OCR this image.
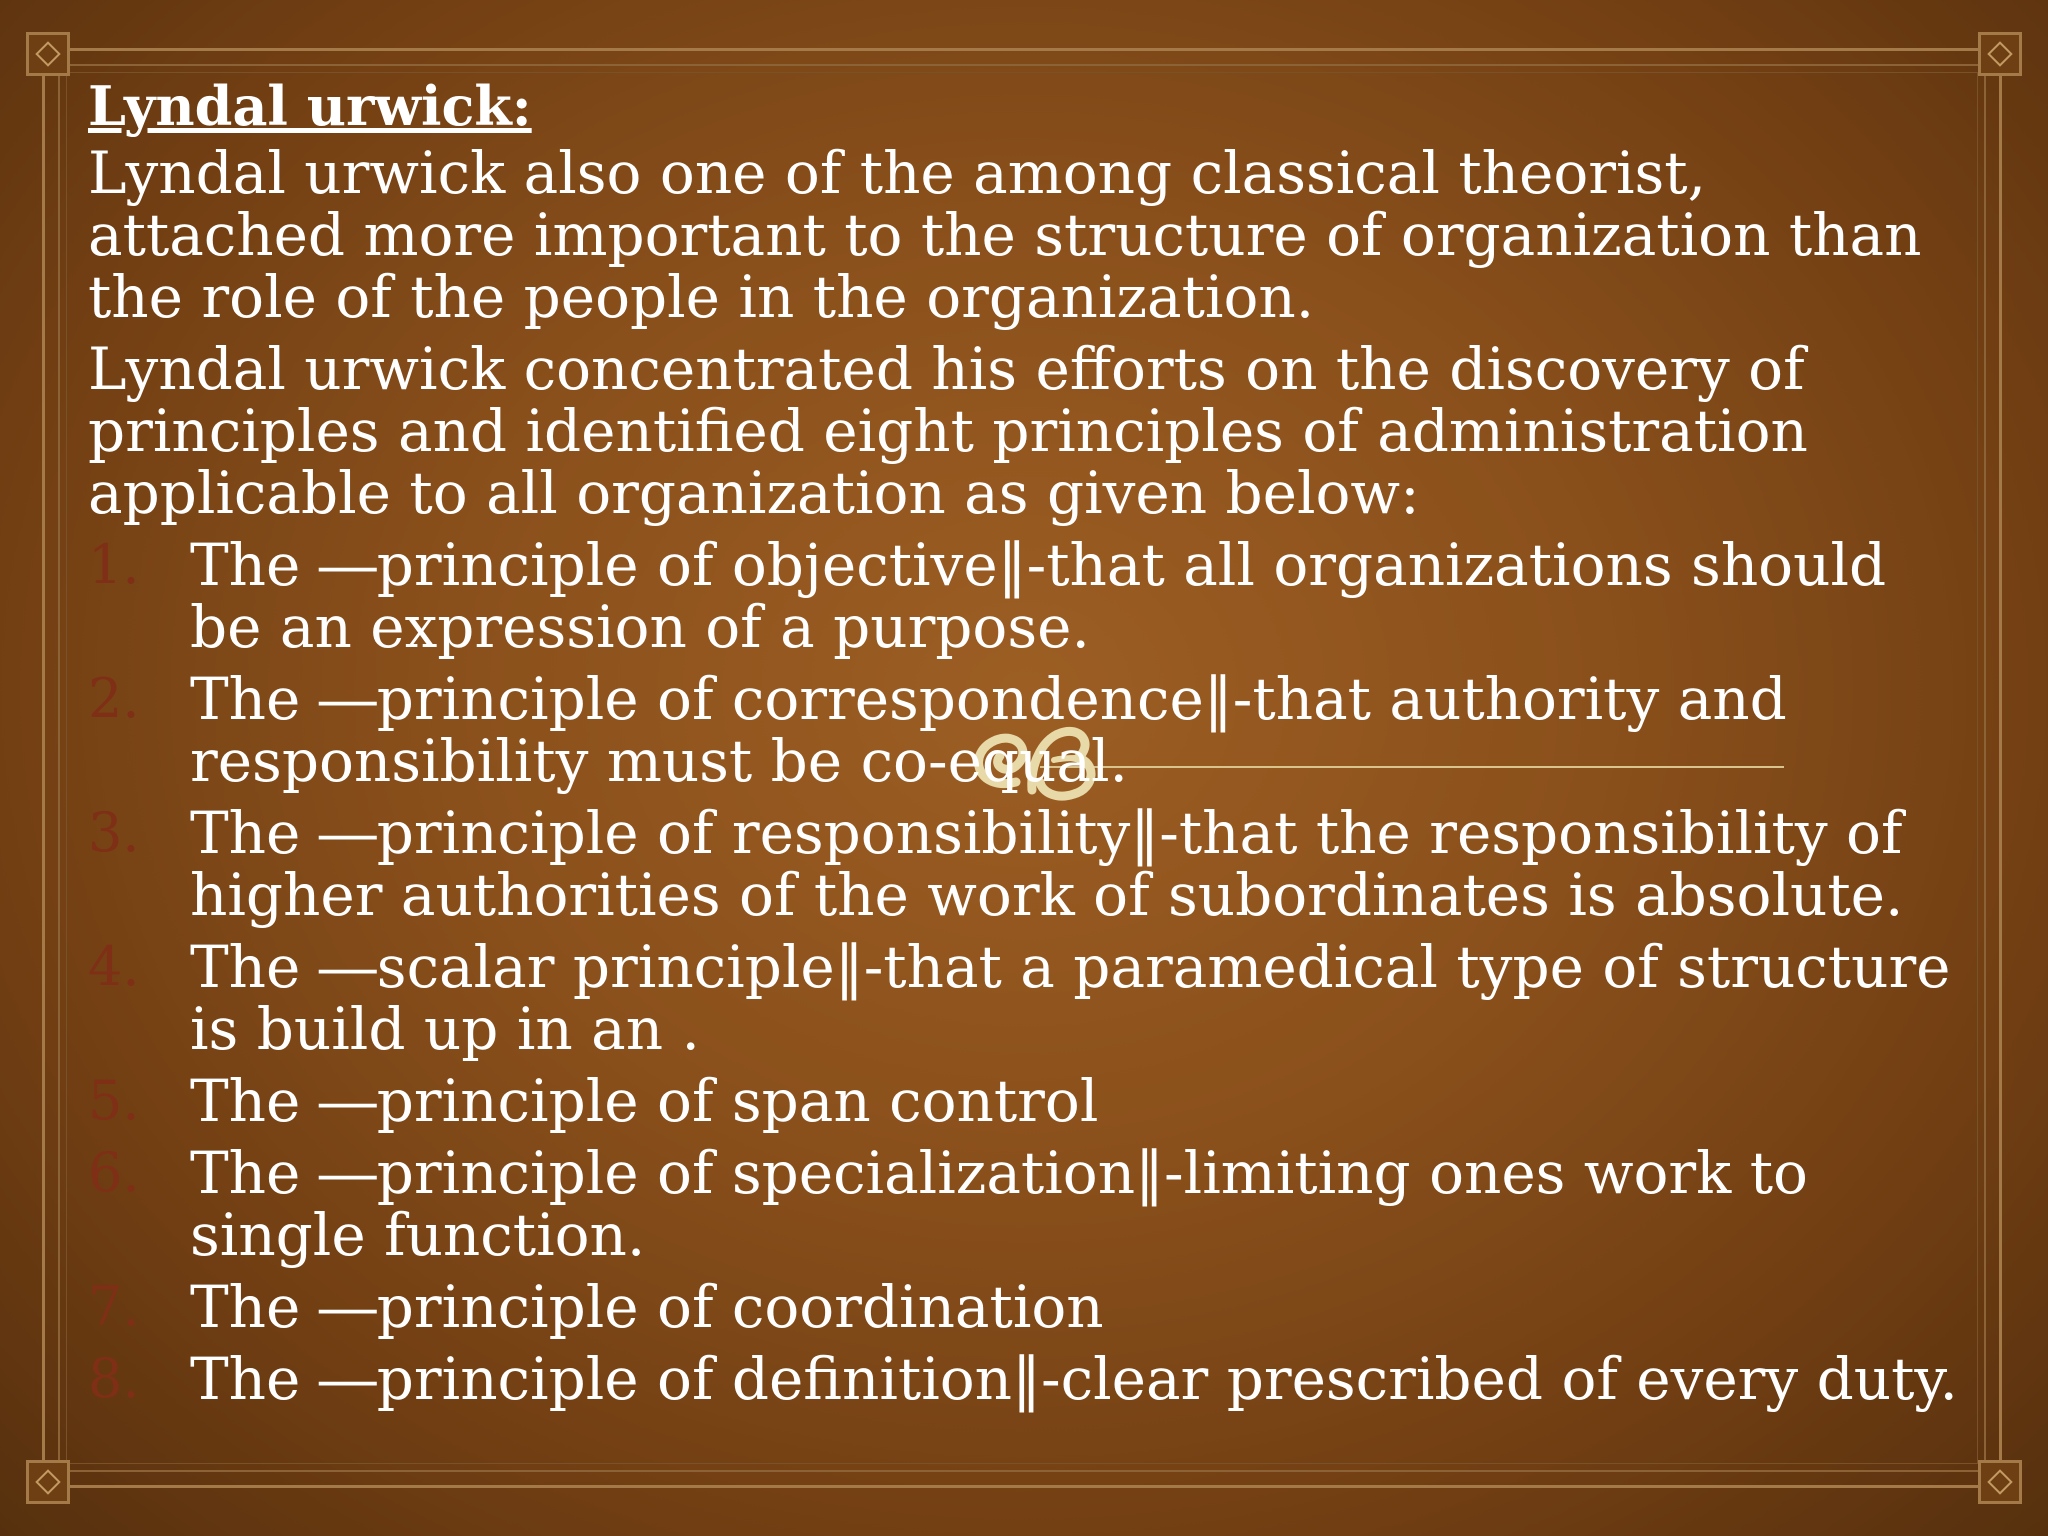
Lyndal urwick:
Lyndal urwick also one of the among classical theorist, attached more important to the structure of organization than the role of the people in the organization.
Lyndal urwick concentrated his efforts on the discovery of principles and identified eight principles of administration applicable to all organization as given below:
1. The ―principle of objective‖-that all organizations should be an expression of a purpose.
2. The ―principle of correspondence‖-that authority and responsibility must be co-equal.
3. The ―principle of responsibility‖-that the responsibility of higher authorities of the work of subordinates is absolute.
4. The ―scalar principle‖-that a paramedical type of structure is build up in an .
5. The ―principle of span control
6. The ―principle of specialization‖-limiting ones work to single function.
7. The ―principle of coordination
8. The ―principle of definition‖-clear prescribed of every duty.
